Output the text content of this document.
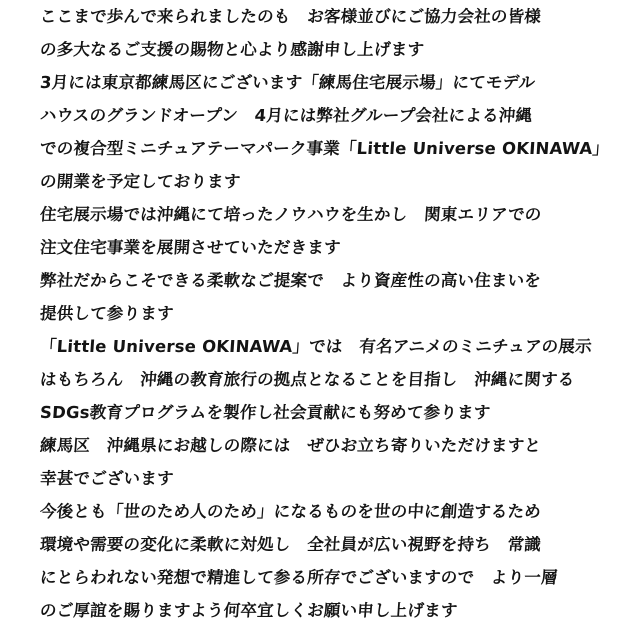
ここまで歩んで来られましたのも　お客様並びにご協力会社の皆様
の多大なるご支援の賜物と心より感謝申し上げます
3月には東京都練馬区にございます「練馬住宅展示場」にてモデル
ハウスのグランドオープン　4月には弊社グループ会社による沖縄
での複合型ミニチュアテーマパーク事業「Little Universe OKINAWA」
の開業を予定しております
住宅展示場では沖縄にて培ったノウハウを生かし　関東エリアでの
注文住宅事業を展開させていただきます
弊社だからこそできる柔軟なご提案で　より資産性の高い住まいを
提供して参ります
「Little Universe OKINAWA」では　有名アニメのミニチュアの展示
はもちろん　沖縄の教育旅行の拠点となることを目指し　沖縄に関する
SDGs教育プログラムを製作し社会貢献にも努めて参ります
練馬区　沖縄県にお越しの際には　ぜひお立ち寄りいただけますと
幸甚でございます
今後とも「世のため人のため」になるものを世の中に創造するため
環境や需要の変化に柔軟に対処し　全社員が広い視野を持ち　常識
にとらわれない発想で精進して参る所存でございますので　より一層
のご厚誼を賜りますよう何卒宜しくお願い申し上げます
